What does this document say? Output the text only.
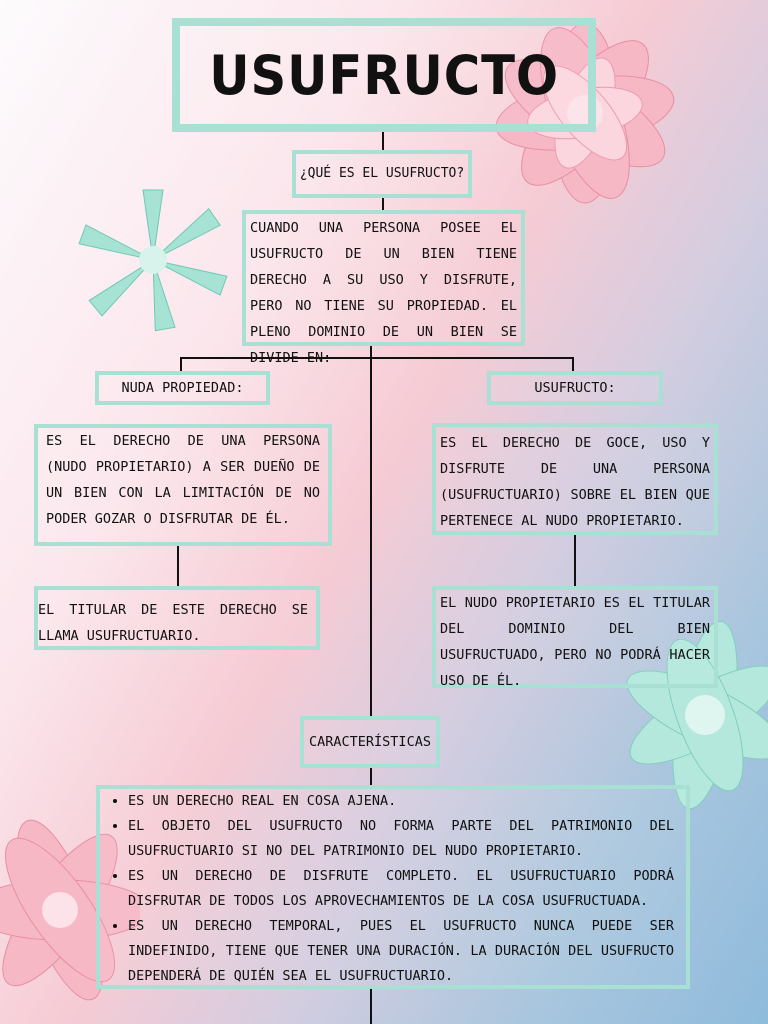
USUFRUCTO
¿QUÉ ES EL USUFRUCTO?
CUANDO UNA PERSONA POSEE EL USUFRUCTO DE UN BIEN TIENE DERECHO A SU USO Y DISFRUTE, PERO NO TIENE SU PROPIEDAD. EL PLENO DOMINIO DE UN BIEN SE DIVIDE EN:
NUDA PROPIEDAD:
ES EL DERECHO DE UNA PERSONA (NUDO PROPIETARIO) A SER DUEÑO DE UN BIEN CON LA LIMITACIÓN DE NO PODER GOZAR O DISFRUTAR DE ÉL.
EL TITULAR DE ESTE DERECHO SE LLAMA USUFRUCTUARIO.
USUFRUCTO:
ES EL DERECHO DE GOCE, USO Y DISFRUTE DE UNA PERSONA (USUFRUCTUARIO) SOBRE EL BIEN QUE PERTENECE AL NUDO PROPIETARIO.
EL NUDO PROPIETARIO ES EL TITULAR DEL DOMINIO DEL BIEN USUFRUCTUADO, PERO NO PODRÁ HACER USO DE ÉL.
CARACTERÍSTICAS
• ES UN DERECHO REAL EN COSA AJENA.
• EL OBJETO DEL USUFRUCTO NO FORMA PARTE DEL PATRIMONIO DEL USUFRUCTUARIO SI NO DEL PATRIMONIO DEL NUDO PROPIETARIO.
• ES UN DERECHO DE DISFRUTE COMPLETO. EL USUFRUCTUARIO PODRÁ DISFRUTAR DE TODOS LOS APROVECHAMIENTOS DE LA COSA USUFRUCTUADA.
• ES UN DERECHO TEMPORAL, PUES EL USUFRUCTO NUNCA PUEDE SER INDEFINIDO, TIENE QUE TENER UNA DURACIÓN. LA DURACIÓN DEL USUFRUCTO DEPENDERÁ DE QUIÉN SEA EL USUFRUCTUARIO.
